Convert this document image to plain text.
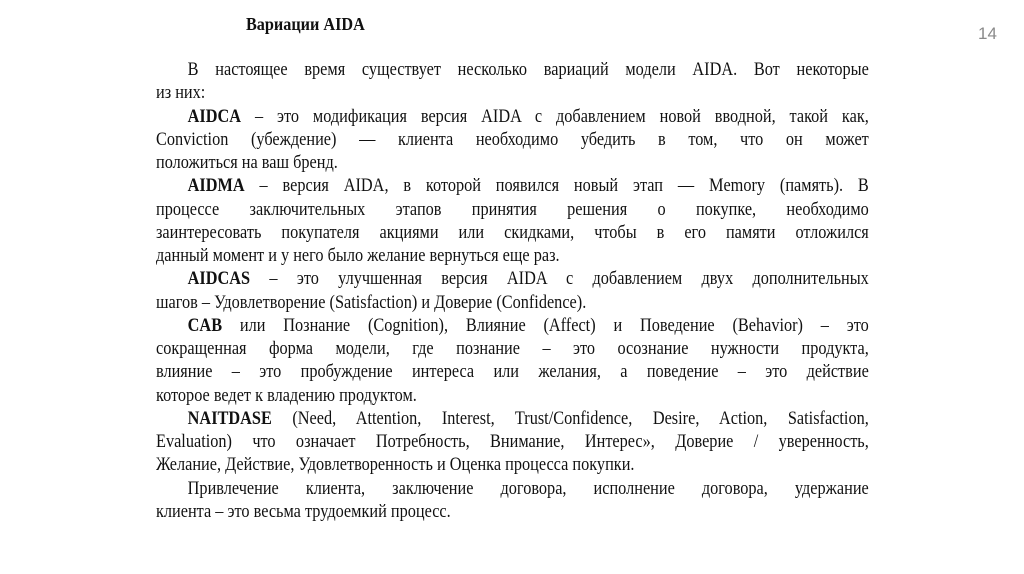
Вариации AIDA	14
В настоящее время существует несколько вариаций модели AIDA. Вот некоторые
из них:
AIDCA – это модификация версия AIDA с добавлением новой вводной, такой как,
Conviction (убеждение) — клиента необходимо убедить в том, что он может
положиться на ваш бренд.
AIDMA – версия AIDA, в которой появился новый этап — Memory (память). В
процессе заключительных этапов принятия решения о покупке, необходимо
заинтересовать покупателя акциями или скидками, чтобы в его памяти отложился
данный момент и у него было желание вернуться еще раз.
AIDCAS – это улучшенная версия AIDA с добавлением двух дополнительных
шагов – Удовлетворение (Satisfaction) и Доверие (Confidence).
CAB или Познание (Cognition), Влияние (Affect) и Поведение (Behavior) – это
сокращенная форма модели, где познание – это осознание нужности продукта,
влияние – это пробуждение интереса или желания, а поведение – это действие
которое ведет к владению продуктом.
NAITDASE (Need, Attention, Interest, Trust/Confidence, Desire, Action, Satisfaction,
Evaluation) что означает Потребность, Внимание, Интерес», Доверие / уверенность,
Желание, Действие, Удовлетворенность и Оценка процесса покупки.
Привлечение клиента, заключение договора, исполнение договора, удержание
клиента – это весьма трудоемкий процесс.
